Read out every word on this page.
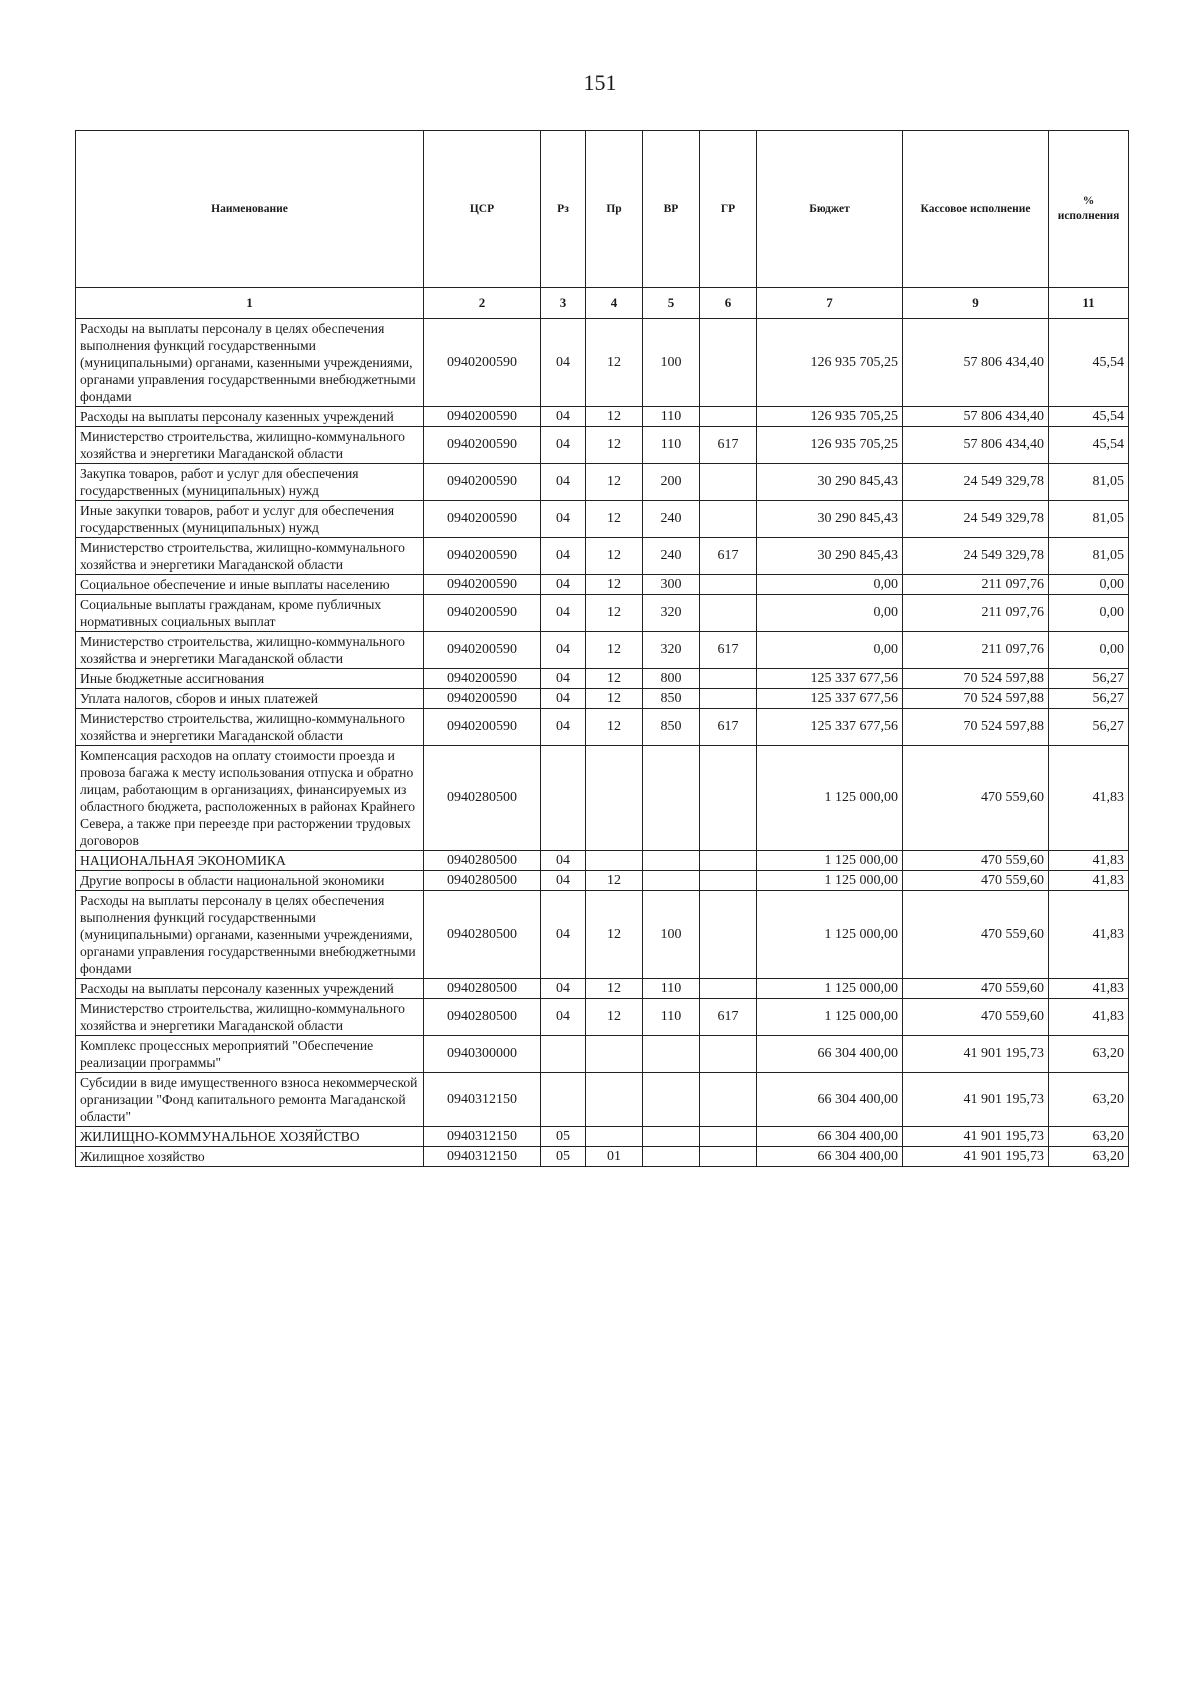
151
Наименование	ЦСР	Рз	Пр	ВР	ГР	Бюджет	Кассовое исполнение	% исполнения
1	2	3	4	5	6	7	9	11
Расходы на выплаты персоналу в целях обеспечения выполнения функций государственными (муниципальными) органами, казенными учреждениями, органами управления государственными внебюджетными фондами	0940200590	04	12	100		126 935 705,25	57 806 434,40	45,54
Расходы на выплаты персоналу казенных учреждений	0940200590	04	12	110		126 935 705,25	57 806 434,40	45,54
Министерство строительства, жилищно-коммунального хозяйства и энергетики Магаданской области	0940200590	04	12	110	617	126 935 705,25	57 806 434,40	45,54
Закупка товаров, работ и услуг для обеспечения государственных (муниципальных) нужд	0940200590	04	12	200		30 290 845,43	24 549 329,78	81,05
Иные закупки товаров, работ и услуг для обеспечения государственных (муниципальных) нужд	0940200590	04	12	240		30 290 845,43	24 549 329,78	81,05
Министерство строительства, жилищно-коммунального хозяйства и энергетики Магаданской области	0940200590	04	12	240	617	30 290 845,43	24 549 329,78	81,05
Социальное обеспечение и иные выплаты населению	0940200590	04	12	300		0,00	211 097,76	0,00
Социальные выплаты гражданам, кроме публичных нормативных социальных выплат	0940200590	04	12	320		0,00	211 097,76	0,00
Министерство строительства, жилищно-коммунального хозяйства и энергетики Магаданской области	0940200590	04	12	320	617	0,00	211 097,76	0,00
Иные бюджетные ассигнования	0940200590	04	12	800		125 337 677,56	70 524 597,88	56,27
Уплата налогов, сборов и иных платежей	0940200590	04	12	850		125 337 677,56	70 524 597,88	56,27
Министерство строительства, жилищно-коммунального хозяйства и энергетики Магаданской области	0940200590	04	12	850	617	125 337 677,56	70 524 597,88	56,27
Компенсация расходов на оплату стоимости проезда и провоза багажа к месту использования отпуска и обратно лицам, работающим в организациях, финансируемых из областного бюджета, расположенных в районах Крайнего Севера, а также при переезде при расторжении трудовых договоров	0940280500					1 125 000,00	470 559,60	41,83
НАЦИОНАЛЬНАЯ ЭКОНОМИКА	0940280500	04				1 125 000,00	470 559,60	41,83
Другие вопросы в области национальной экономики	0940280500	04	12			1 125 000,00	470 559,60	41,83
Расходы на выплаты персоналу в целях обеспечения выполнения функций государственными (муниципальными) органами, казенными учреждениями, органами управления государственными внебюджетными фондами	0940280500	04	12	100		1 125 000,00	470 559,60	41,83
Расходы на выплаты персоналу казенных учреждений	0940280500	04	12	110		1 125 000,00	470 559,60	41,83
Министерство строительства, жилищно-коммунального хозяйства и энергетики Магаданской области	0940280500	04	12	110	617	1 125 000,00	470 559,60	41,83
Комплекс процессных мероприятий "Обеспечение реализации программы"	0940300000					66 304 400,00	41 901 195,73	63,20
Субсидии в виде имущественного взноса некоммерческой организации "Фонд капитального ремонта Магаданской области"	0940312150					66 304 400,00	41 901 195,73	63,20
ЖИЛИЩНО-КОММУНАЛЬНОЕ ХОЗЯЙСТВО	0940312150	05				66 304 400,00	41 901 195,73	63,20
Жилищное хозяйство	0940312150	05	01			66 304 400,00	41 901 195,73	63,20
